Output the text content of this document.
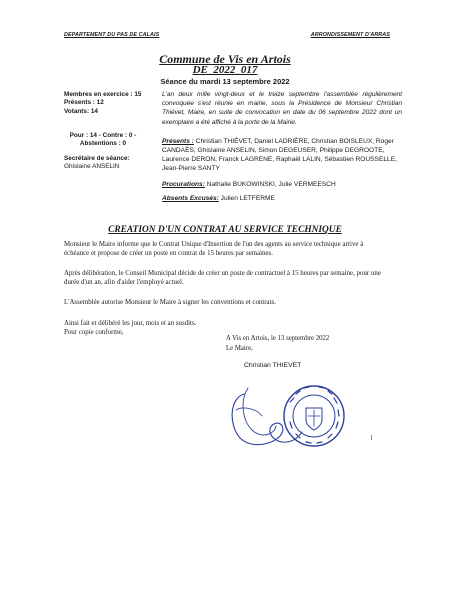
DEPARTEMENT DU PAS DE CALAIS	ARRONDISSEMENT D'ARRAS
Commune de Vis en Artois
DE_2022_017
Séance du mardi 13 septembre 2022
Membres en exercice : 15
Présents : 12
Votants: 14
Pour : 14 - Contre : 0 -
Abstentions : 0
Secrétaire de séance:
Ghislaine ANSELIN
L'an deux mille vingt-deux et le treize septembre l'assemblée régulièrement convoquée s'est réunie en mairie, sous la Présidence de Monsieur Christian Thiévet, Maire, en suite de convocation en date du 06 septembre 2022 dont un exemplaire a été affiché à la porte de la Mairie.
Présents : Christian THIÉVET, Daniel LADRIÈRE, Christian BOISLEUX, Roger CANDAËS, Ghislaine ANSELIN, Simon DEGEUSER, Philippe DEGROOTE, Laurence DERON, Franck LAGRENE, Raphaël LALIN, Sébastien ROUSSELLE, Jean-Pierre SANTY
Procurations: Nathalie BUKOWINSKI, Julie VERMEESCH
Absents Excusés: Julien LETFERME
CREATION D'UN CONTRAT AU SERVICE TECHNIQUE

Monsieur le Maire informe que le Contrat Unique d'Insertion de l'un des agents au service technique arrive à échéance et propose de créer un poste en contrat de 15 heures par semaines.

Après délibération, le Conseil Municipal décide de créer un poste de contractuel à 15 heures par semaine, pour une durée d'un an, afin d'aider l'employé actuel.

L'Assemblée autorise Monsieur le Maire à signer les conventions et contrats.

Ainsi fait et délibéré les jour, mois et an susdits.
Pour copie conforme,
A Vis en Artois, le 13 septembre 2022
Le Maire,
Christian THIEVET
